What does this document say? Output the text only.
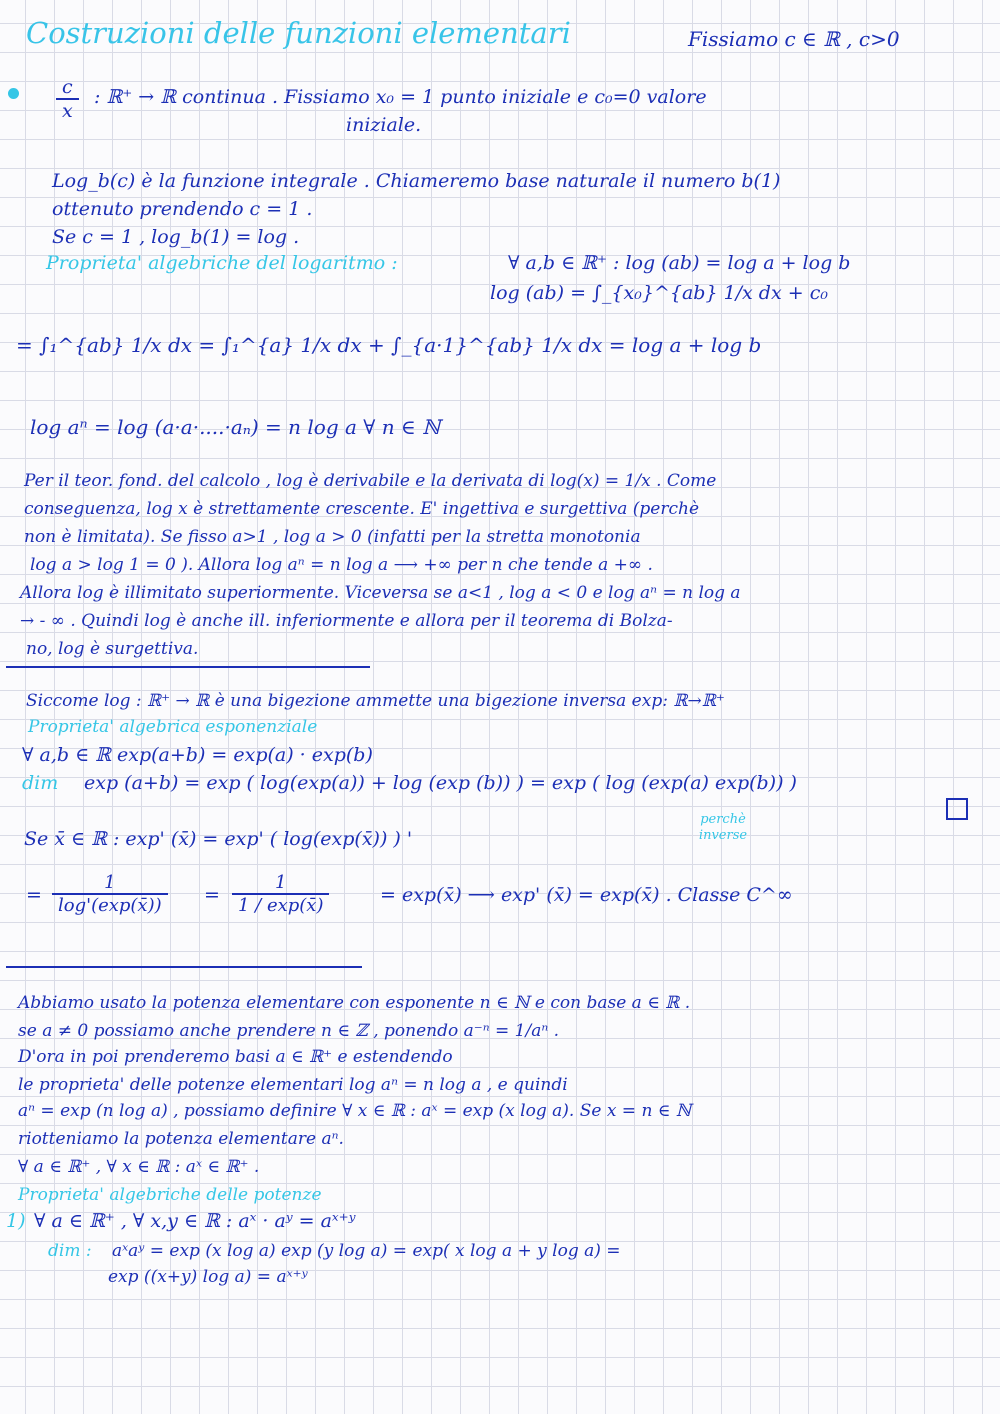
Costruzioni delle funzioni elementari	Fissiamo c ∈ ℝ , c>0
$\frac{c}{x}$ : ℝ⁺ → ℝ continua . Fissiamo x₀ = 1 punto iniziale e c₀=0 valore
iniziale.
Log_b(c) è la funzione integrale . Chiameremo base naturale il numero b(1)
ottenuto prendendo c = 1 .
Se c = 1 , log_b(1) = log .
Proprieta' algebriche del logaritmo :	∀ a,b ∈ ℝ⁺ : log (ab) = log a + log b
log (ab) = ∫_{x₀}^{ab} 1/x dx + c₀
= ∫₁^{ab} 1/x dx = ∫₁^{a} 1/x dx + ∫_{a·1}^{ab} 1/x dx = log a + log b
log aⁿ = log (a·a·....·aₙ) = n log a ∀ n ∈ ℕ
Per il teor. fond. del calcolo , log è derivabile e la derivata di log(x) = 1/x . Come
conseguenza, log x è strettamente crescente. E' ingettiva e surgettiva (perchè
non è limitata). Se fisso a>1 , log a > 0 (infatti per la stretta monotonia
log a > log 1 = 0 ). Allora log aⁿ = n log a ⟶ +∞ per n che tende a +∞ .
Allora log è illimitato superiormente. Viceversa se a<1 , log a < 0 e log aⁿ = n log a
→ - ∞ . Quindi log è anche ill. inferiormente e allora per il teorema di Bolza-
no, log è surgettiva.
Siccome log : ℝ⁺ → ℝ è una bigezione ammette una bigezione inversa exp: ℝ→ℝ⁺
Proprieta' algebrica esponenziale
∀ a,b ∈ ℝ exp(a+b) = exp(a) · exp(b)
dim exp (a+b) = exp ( log(exp(a)) + log (exp (b)) ) = exp ( log (exp(a) exp(b)) )
perchè inverse
Se x̄ ∈ ℝ : exp' (x̄) = exp' ( log(exp(x̄)) ) '
= $\frac{1}{\log'(\exp(x̄))} = \frac{1}{1 / \exp(x̄)}$	= exp(x̄) ⟶ exp' (x̄) = exp(x̄) . Classe C^∞
Abbiamo usato la potenza elementare con esponente n ∈ ℕ e con base a ∈ ℝ .
se a ≠ 0 possiamo anche prendere n ∈ ℤ , ponendo a⁻ⁿ = 1/aⁿ .
D'ora in poi prenderemo basi a ∈ ℝ⁺ e estendendo
le proprieta' delle potenze elementari log aⁿ = n log a , e quindi
aⁿ = exp (n log a) , possiamo definire ∀ x ∈ ℝ : aˣ = exp (x log a). Se x = n ∈ ℕ
riotteniamo la potenza elementare aⁿ.
∀ a ∈ ℝ⁺ , ∀ x ∈ ℝ : aˣ ∈ ℝ⁺ .
Proprieta' algebriche delle potenze
1) ∀ a ∈ ℝ⁺ , ∀ x,y ∈ ℝ : aˣ · aʸ = aˣ⁺ʸ
dim : aˣaʸ = exp (x log a) exp (y log a) = exp( x log a + y log a) =
exp ((x+y) log a) = aˣ⁺ʸ
